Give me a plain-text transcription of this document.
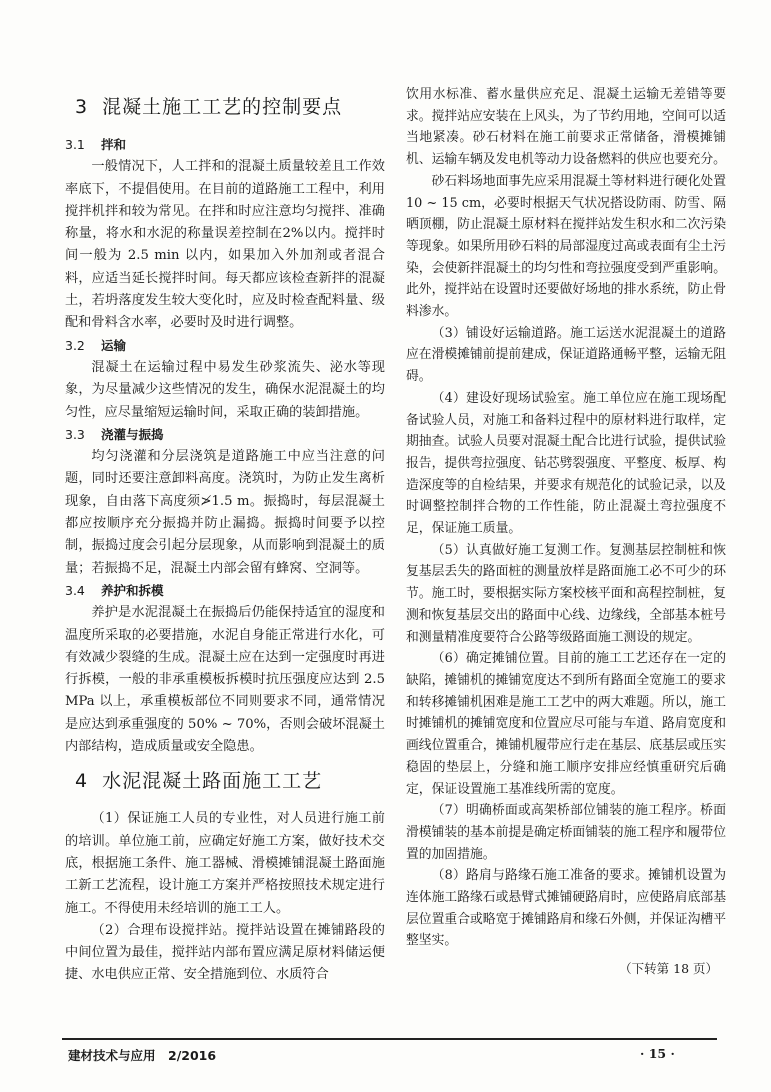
3 混凝土施工工艺的控制要点
3.1 拌和

一般情况下，人工拌和的混凝土质量较差且工作效率底下，不提倡使用。在目前的道路施工工程中，利用搅拌机拌和较为常见。在拌和时应注意均匀搅拌、准确称量，将水和水泥的称量误差控制在2%以内。搅拌时间一般为 2.5 min 以内，如果加入外加剂或者混合料，应适当延长搅拌时间。每天都应该检查新拌的混凝土，若坍落度发生较大变化时，应及时检查配料量、级配和骨料含水率，必要时及时进行调整。

3.2 运输

混凝土在运输过程中易发生砂浆流失、泌水等现象，为尽量减少这些情况的发生，确保水泥混凝土的均匀性，应尽量缩短运输时间，采取正确的装卸措施。

3.3 浇灌与振捣

均匀浇灌和分层浇筑是道路施工中应当注意的问题，同时还要注意卸料高度。浇筑时，为防止发生离析现象，自由落下高度须≯1.5 m。振捣时，每层混凝土都应按顺序充分振捣并防止漏捣。振捣时间要予以控制，振捣过度会引起分层现象，从而影响到混凝土的质量；若振捣不足，混凝土内部会留有蜂窝、空洞等。

3.4 养护和拆模

养护是水泥混凝土在振捣后仍能保持适宜的湿度和温度所采取的必要措施，水泥自身能正常进行水化，可有效减少裂缝的生成。混凝土应在达到一定强度时再进行拆模，一般的非承重模板拆模时抗压强度应达到 2.5 MPa 以上，承重模板部位不同则要求不同，通常情况是应达到承重强度的 50% ~ 70%，否则会破坏混凝土内部结构，造成质量或安全隐患。

4 水泥混凝土路面施工工艺

（1）保证施工人员的专业性，对人员进行施工前的培训。单位施工前，应确定好施工方案，做好技术交底，根据施工条件、施工器械、滑模摊铺混凝土路面施工新工艺流程，设计施工方案并严格按照技术规定进行施工。不得使用未经培训的施工工人。

（2）合理布设搅拌站。搅拌站设置在摊铺路段的中间位置为最佳，搅拌站内部布置应满足原材料储运便捷、水电供应正常、安全措施到位、水质符合

饮用水标准、蓄水量供应充足、混凝土运输无差错等要求。搅拌站应安装在上风头，为了节约用地，空间可以适当地紧凑。砂石材料在施工前要求正常储备，滑模摊铺机、运输车辆及发电机等动力设备燃料的供应也要充分。

砂石料场地面事先应采用混凝土等材料进行硬化处置 10 ~ 15 cm，必要时根据天气状况搭设防雨、防雪、隔晒顶棚，防止混凝土原材料在搅拌站发生积水和二次污染等现象。如果所用砂石料的局部湿度过高或表面有尘土污染，会使新拌混凝土的均匀性和弯拉强度受到严重影响。此外，搅拌站在设置时还要做好场地的排水系统，防止骨料渗水。

（3）铺设好运输道路。施工运送水泥混凝土的道路应在滑模摊铺前提前建成，保证道路通畅平整，运输无阻碍。

（4）建设好现场试验室。施工单位应在施工现场配备试验人员，对施工和备料过程中的原材料进行取样，定期抽查。试验人员要对混凝土配合比进行试验，提供试验报告，提供弯拉强度、钻芯劈裂强度、平整度、板厚、构造深度等的自检结果，并要求有规范化的试验记录，以及时调整控制拌合物的工作性能，防止混凝土弯拉强度不足，保证施工质量。

（5）认真做好施工复测工作。复测基层控制桩和恢复基层丢失的路面桩的测量放样是路面施工必不可少的环节。施工时，要根据实际方案校核平面和高程控制桩，复测和恢复基层交出的路面中心线、边缘线，全部基本桩号和测量精准度要符合公路等级路面施工测设的规定。

（6）确定摊铺位置。目前的施工工艺还存在一定的缺陷，摊铺机的摊铺宽度达不到所有路面全宽施工的要求和转移摊铺机困难是施工工艺中的两大难题。所以，施工时摊铺机的摊铺宽度和位置应尽可能与车道、路肩宽度和画线位置重合，摊铺机履带应行走在基层、底基层或压实稳固的垫层上，分缝和施工顺序安排应经慎重研究后确定，保证设置施工基准线所需的宽度。

（7）明确桥面或高架桥部位铺装的施工程序。桥面滑模铺装的基本前提是确定桥面铺装的施工程序和履带位置的加固措施。

（8）路肩与路缘石施工准备的要求。摊铺机设置为连体施工路缘石或悬臂式摊铺硬路肩时，应使路肩底部基层位置重合或略宽于摊铺路肩和缘石外侧，并保证沟槽平整坚实。

（下转第 18 页）
建材技术与应用　2/2016	· 15 ·
